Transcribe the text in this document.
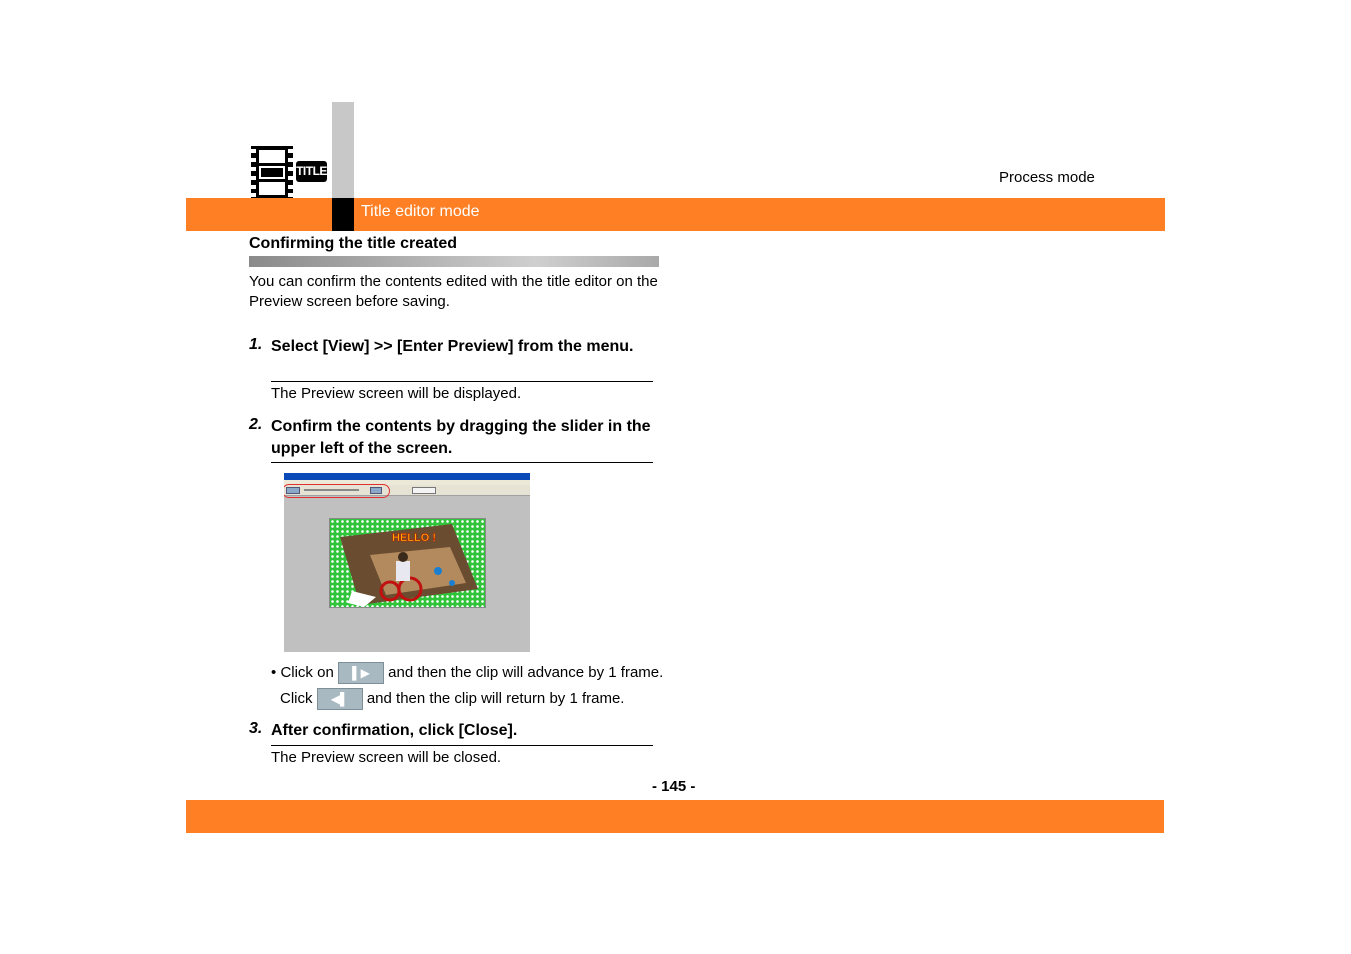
Title editor mode
Process mode
TITLE
Confirming the title created
You can confirm the contents edited with the title editor on the Preview screen before saving.
1. Select [View] >> [Enter Preview] from the menu.
The Preview screen will be displayed.
2. Confirm the contents by dragging the slider in the upper left of the screen.
HELLO !
• Click on ▌▶ and then the clip will advance by 1 frame.
Click ◀▌ and then the clip will return by 1 frame.
3. After confirmation, click [Close].
The Preview screen will be closed.
- 145 -
